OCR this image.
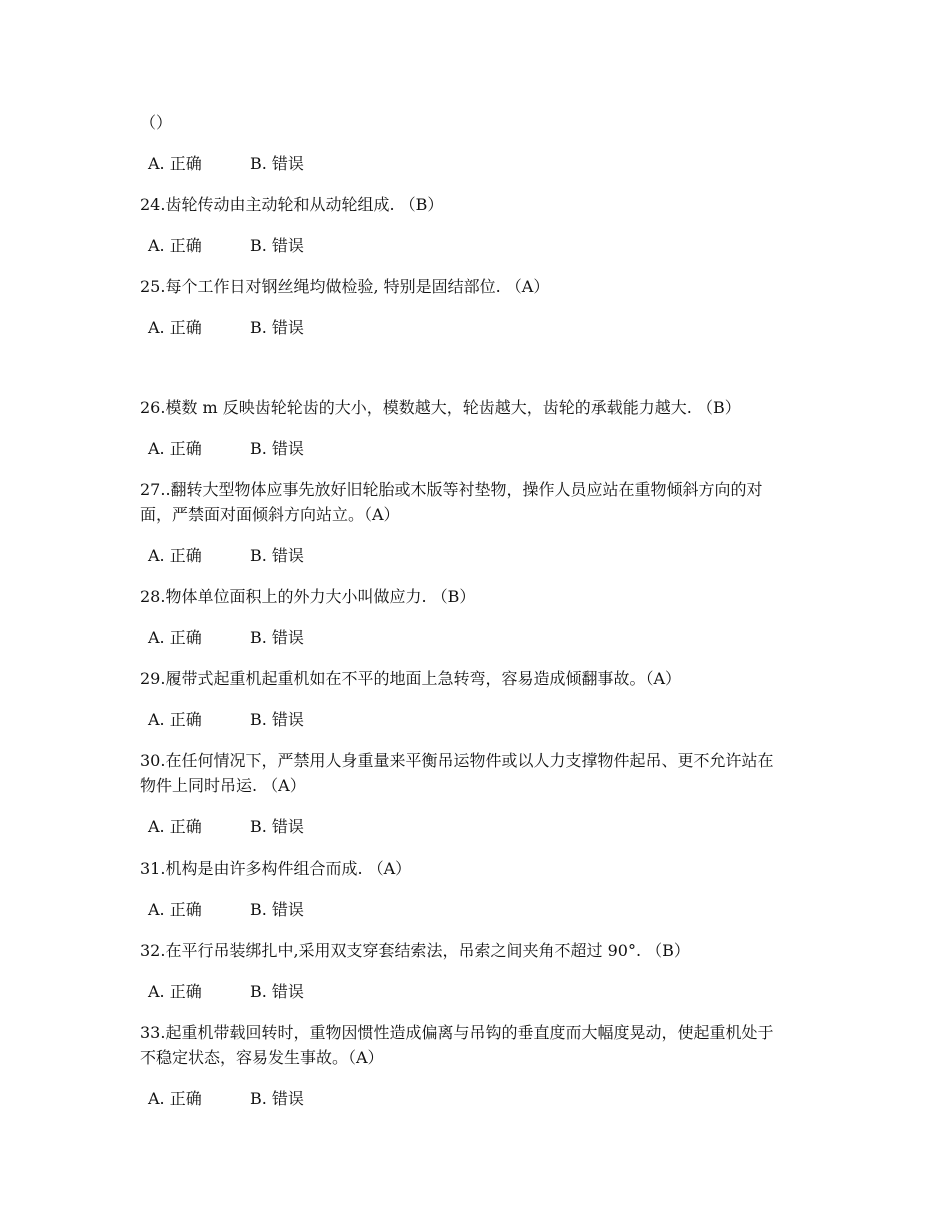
（）
A. 正确	B. 错误
24.齿轮传动由主动轮和从动轮组成. （B）
A. 正确	B. 错误
25.每个工作日对钢丝绳均做检验, 特别是固结部位. （A）
A. 正确	B. 错误
26.模数 m 反映齿轮轮齿的大小，模数越大，轮齿越大，齿轮的承载能力越大. （B）
A. 正确	B. 错误
27..翻转大型物体应事先放好旧轮胎或木版等衬垫物，操作人员应站在重物倾斜方向的对
面，严禁面对面倾斜方向站立。（A）
A. 正确	B. 错误
28.物体单位面积上的外力大小叫做应力. （B）
A. 正确	B. 错误
29.履带式起重机起重机如在不平的地面上急转弯，容易造成倾翻事故。（A）
A. 正确	B. 错误
30.在任何情况下，严禁用人身重量来平衡吊运物件或以人力支撑物件起吊、更不允许站在
物件上同时吊运. （A）
A. 正确	B. 错误
31.机构是由许多构件组合而成. （A）
A. 正确	B. 错误
32.在平行吊装绑扎中,采用双支穿套结索法，吊索之间夹角不超过 90°. （B）
A. 正确	B. 错误
33.起重机带载回转时，重物因惯性造成偏离与吊钩的垂直度而大幅度晃动，使起重机处于
不稳定状态，容易发生事故。（A）
A. 正确	B. 错误
